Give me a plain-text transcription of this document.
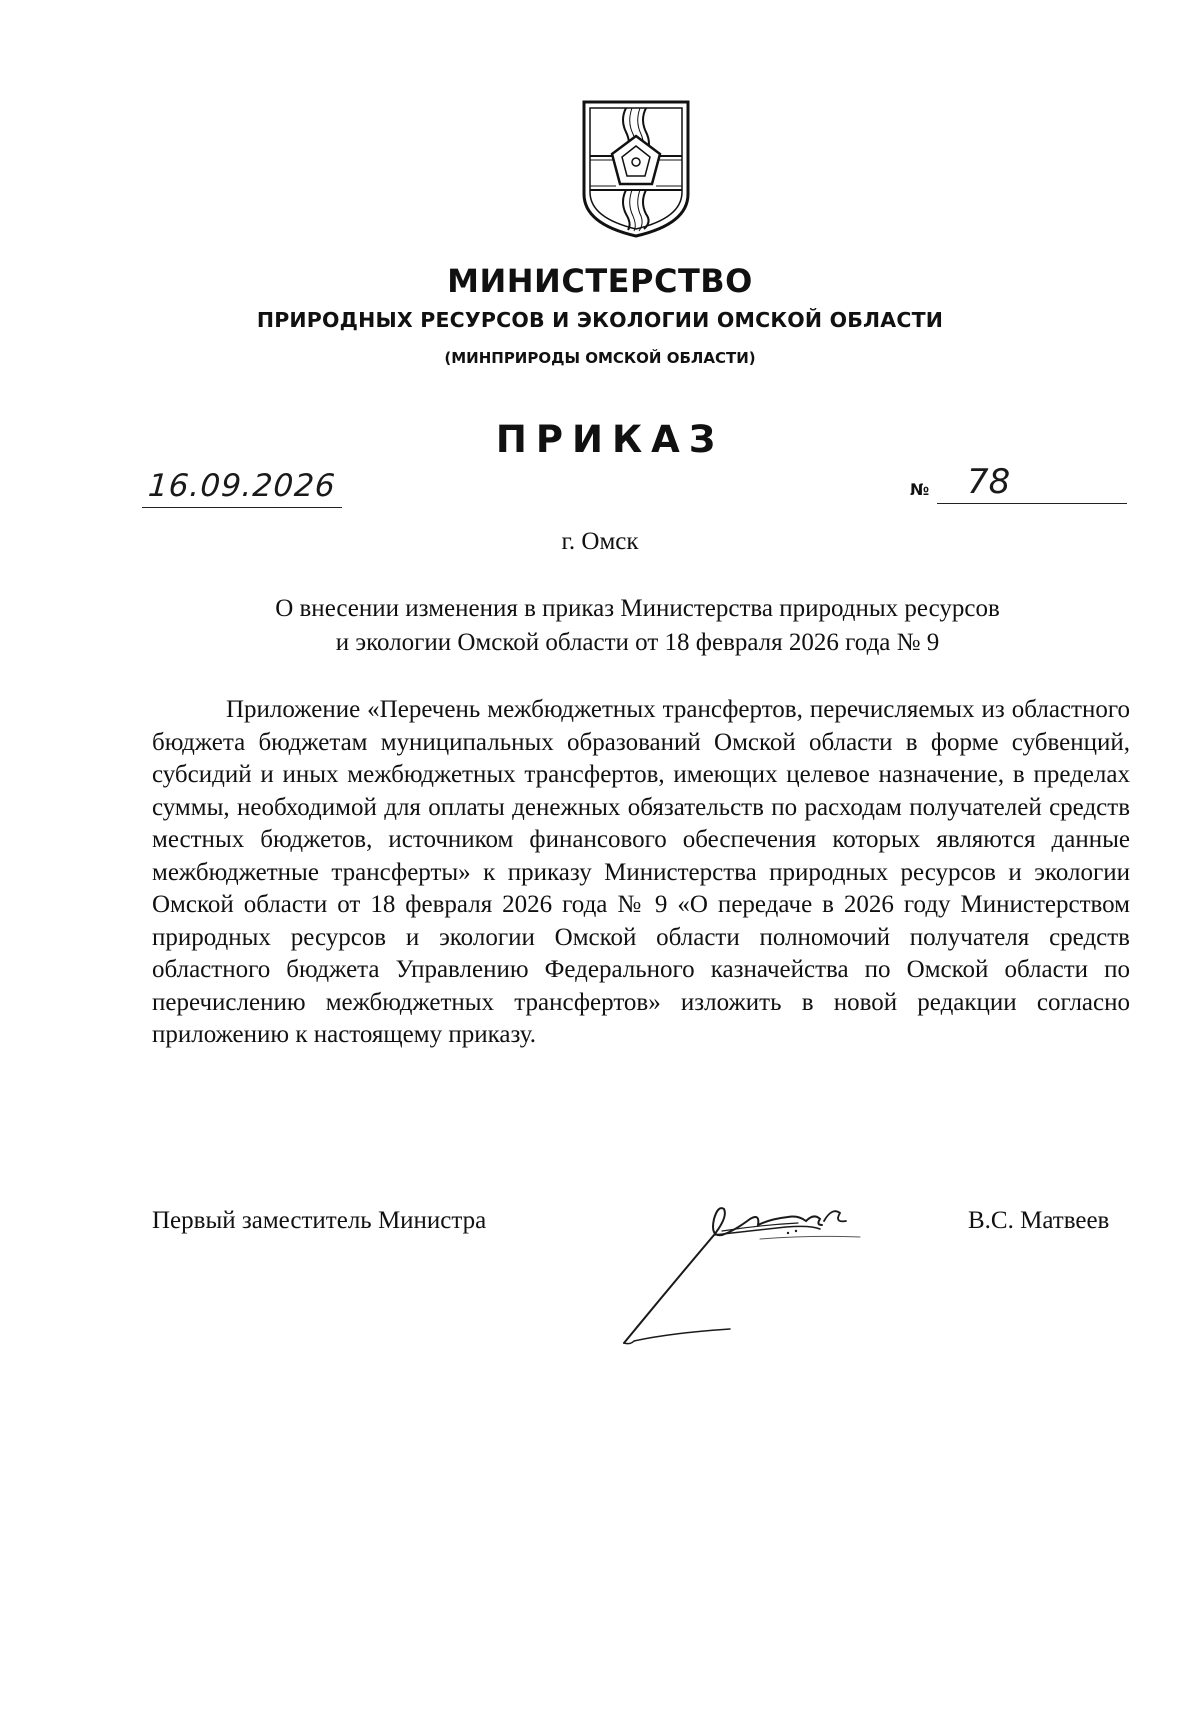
МИНИСТЕРСТВО
ПРИРОДНЫХ РЕСУРСОВ И ЭКОЛОГИИ ОМСКОЙ ОБЛАСТИ
(МИНПРИРОДЫ ОМСКОЙ ОБЛАСТИ)
ПРИКАЗ
16.09.2026	№ 78
г. Омск
О внесении изменения в приказ Министерства природных ресурсов
и экологии Омской области от 18 февраля 2026 года № 9

Приложение «Перечень межбюджетных трансфертов, перечисляемых из областного бюджета бюджетам муниципальных образований Омской области в форме субвенций, субсидий и иных межбюджетных трансфертов, имеющих целевое назначение, в пределах суммы, необходимой для оплаты денежных обязательств по расходам получателей средств местных бюджетов, источником финансового обеспечения которых являются данные межбюджетные трансферты» к приказу Министерства природных ресурсов и экологии Омской области от 18 февраля 2026 года № 9 «О передаче в 2026 году Министерством природных ресурсов и экологии Омской области полномочий получателя средств областного бюджета Управлению Федерального казначейства по Омской области по перечислению межбюджетных трансфертов» изложить в новой редакции согласно приложению к настоящему приказу.

Первый заместитель Министра	В.С. Матвеев
